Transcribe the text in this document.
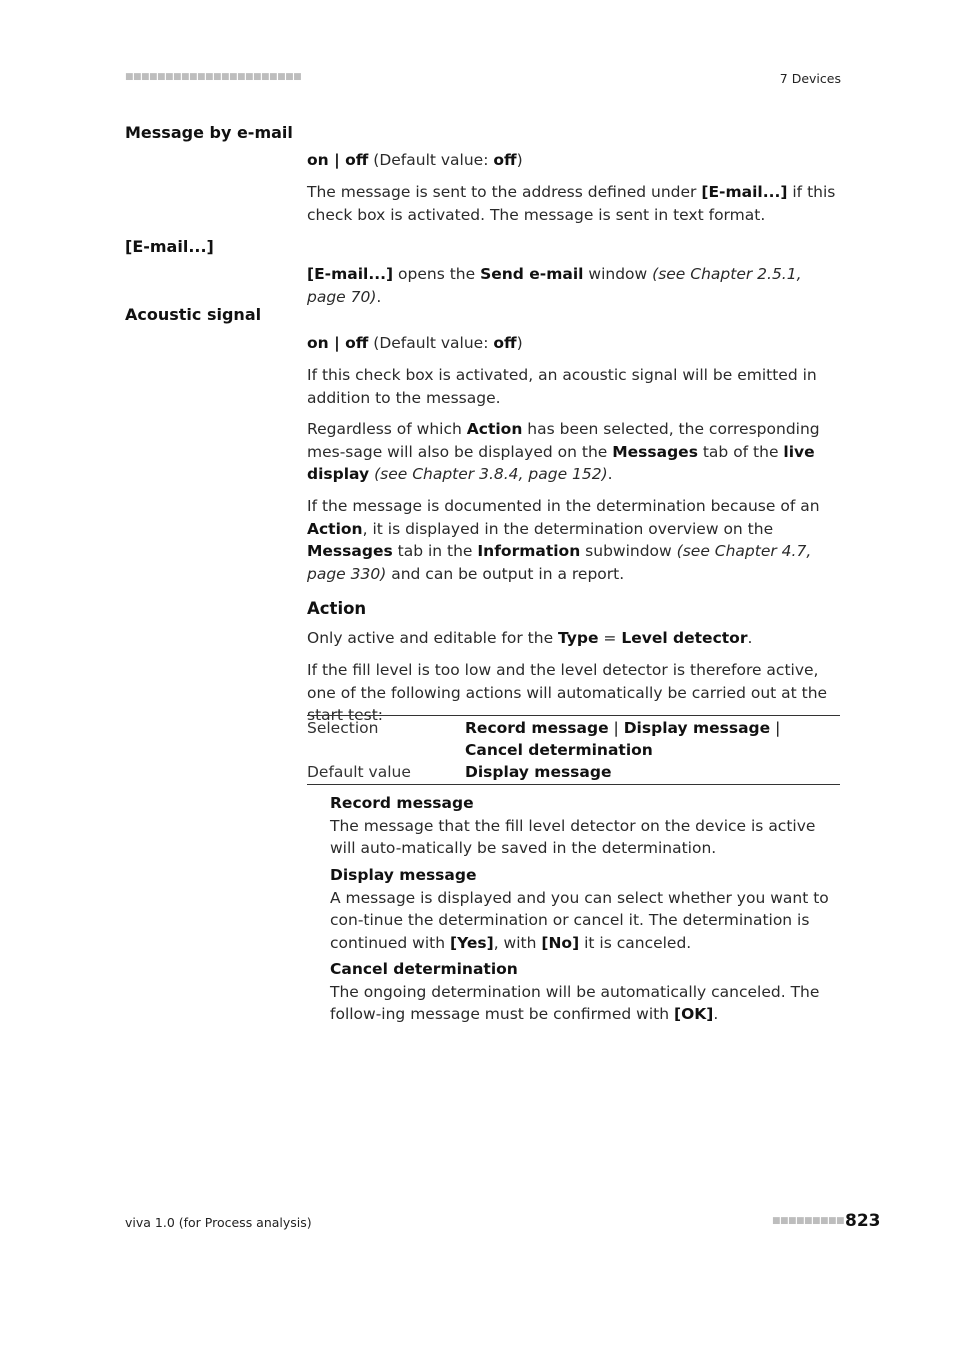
■■■■■■■■■■■■■■■■■■■■■■	7 Devices
Message by e-mail

on | off (Default value: off)

The message is sent to the address defined under [E-mail...] if this check box is activated. The message is sent in text format.

[E-mail...]

[E-mail...] opens the Send e-mail window (see Chapter 2.5.1, page 70).

Acoustic signal

on | off (Default value: off)

If this check box is activated, an acoustic signal will be emitted in addition to the message.

Regardless of which Action has been selected, the corresponding mes-sage will also be displayed on the Messages tab of the live display (see Chapter 3.8.4, page 152).

If the message is documented in the determination because of an Action, it is displayed in the determination overview on the Messages tab in the Information subwindow (see Chapter 4.7, page 330) and can be output in a report.

Action

Only active and editable for the Type = Level detector.

If the fill level is too low and the level detector is therefore active, one of the following actions will automatically be carried out at the start test:

Selection	Record message | Display message | Cancel determination
Default value	Display message

Record message

The message that the fill level detector on the device is active will auto-matically be saved in the determination.

Display message

A message is displayed and you can select whether you want to con-tinue the determination or cancel it. The determination is continued with [Yes], with [No] it is canceled.

Cancel determination

The ongoing determination will be automatically canceled. The follow-ing message must be confirmed with [OK].

viva 1.0 (for Process analysis)	■■■■■■■■■ 823
